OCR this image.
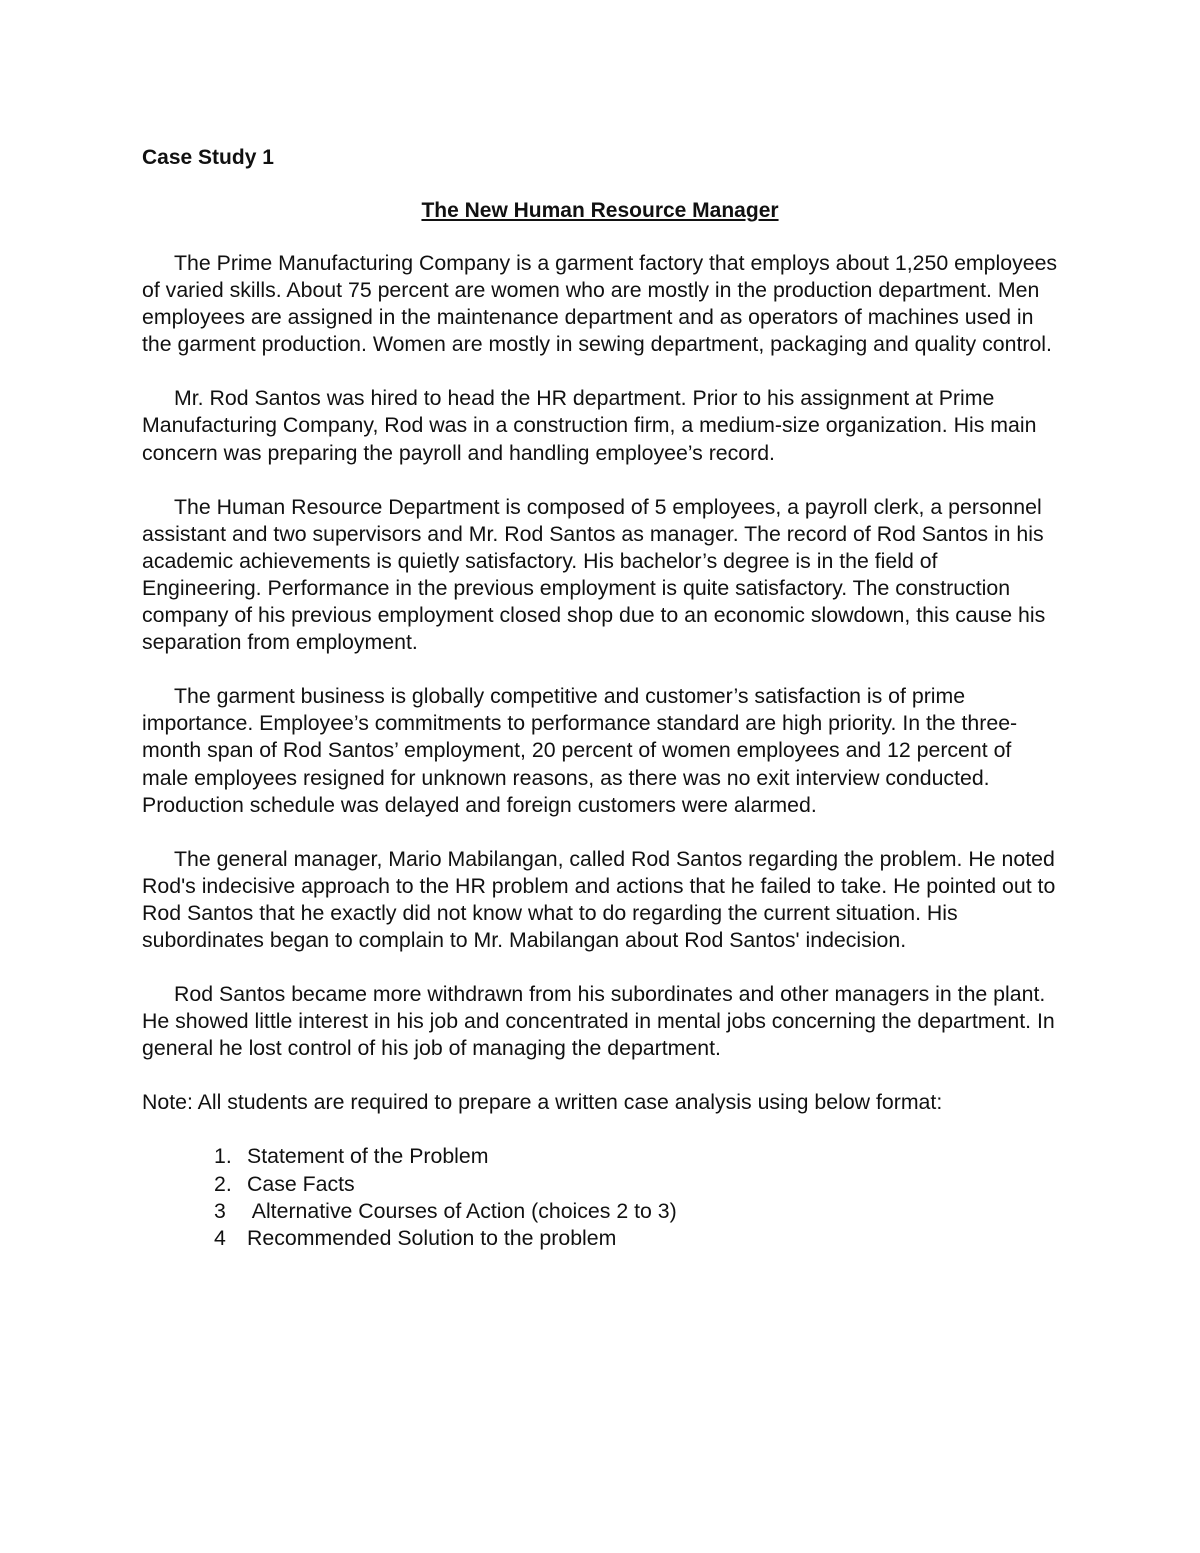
Case Study 1
The New Human Resource Manager

The Prime Manufacturing Company is a garment factory that employs about 1,250 employees of varied skills. About 75 percent are women who are mostly in the production department. Men employees are assigned in the maintenance department and as operators of machines used in the garment production. Women are mostly in sewing department, packaging and quality control.

Mr. Rod Santos was hired to head the HR department. Prior to his assignment at Prime Manufacturing Company, Rod was in a construction firm, a medium-size organization. His main concern was preparing the payroll and handling employee’s record.

The Human Resource Department is composed of 5 employees, a payroll clerk, a personnel assistant and two supervisors and Mr. Rod Santos as manager. The record of Rod Santos in his academic achievements is quietly satisfactory. His bachelor’s degree is in the field of Engineering. Performance in the previous employment is quite satisfactory. The construction company of his previous employment closed shop due to an economic slowdown, this cause his separation from employment.

The garment business is globally competitive and customer’s satisfaction is of prime importance. Employee’s commitments to performance standard are high priority. In the three-month span of Rod Santos’ employment, 20 percent of women employees and 12 percent of male employees resigned for unknown reasons, as there was no exit interview conducted. Production schedule was delayed and foreign customers were alarmed.

The general manager, Mario Mabilangan, called Rod Santos regarding the problem. He noted Rod's indecisive approach to the HR problem and actions that he failed to take. He pointed out to Rod Santos that he exactly did not know what to do regarding the current situation. His subordinates began to complain to Mr. Mabilangan about Rod Santos' indecision.

Rod Santos became more withdrawn from his subordinates and other managers in the plant. He showed little interest in his job and concentrated in mental jobs concerning the department. In general he lost control of his job of managing the department.

Note: All students are required to prepare a written case analysis using below format:

1. Statement of the Problem
2. Case Facts
3 Alternative Courses of Action (choices 2 to 3)
4 Recommended Solution to the problem
